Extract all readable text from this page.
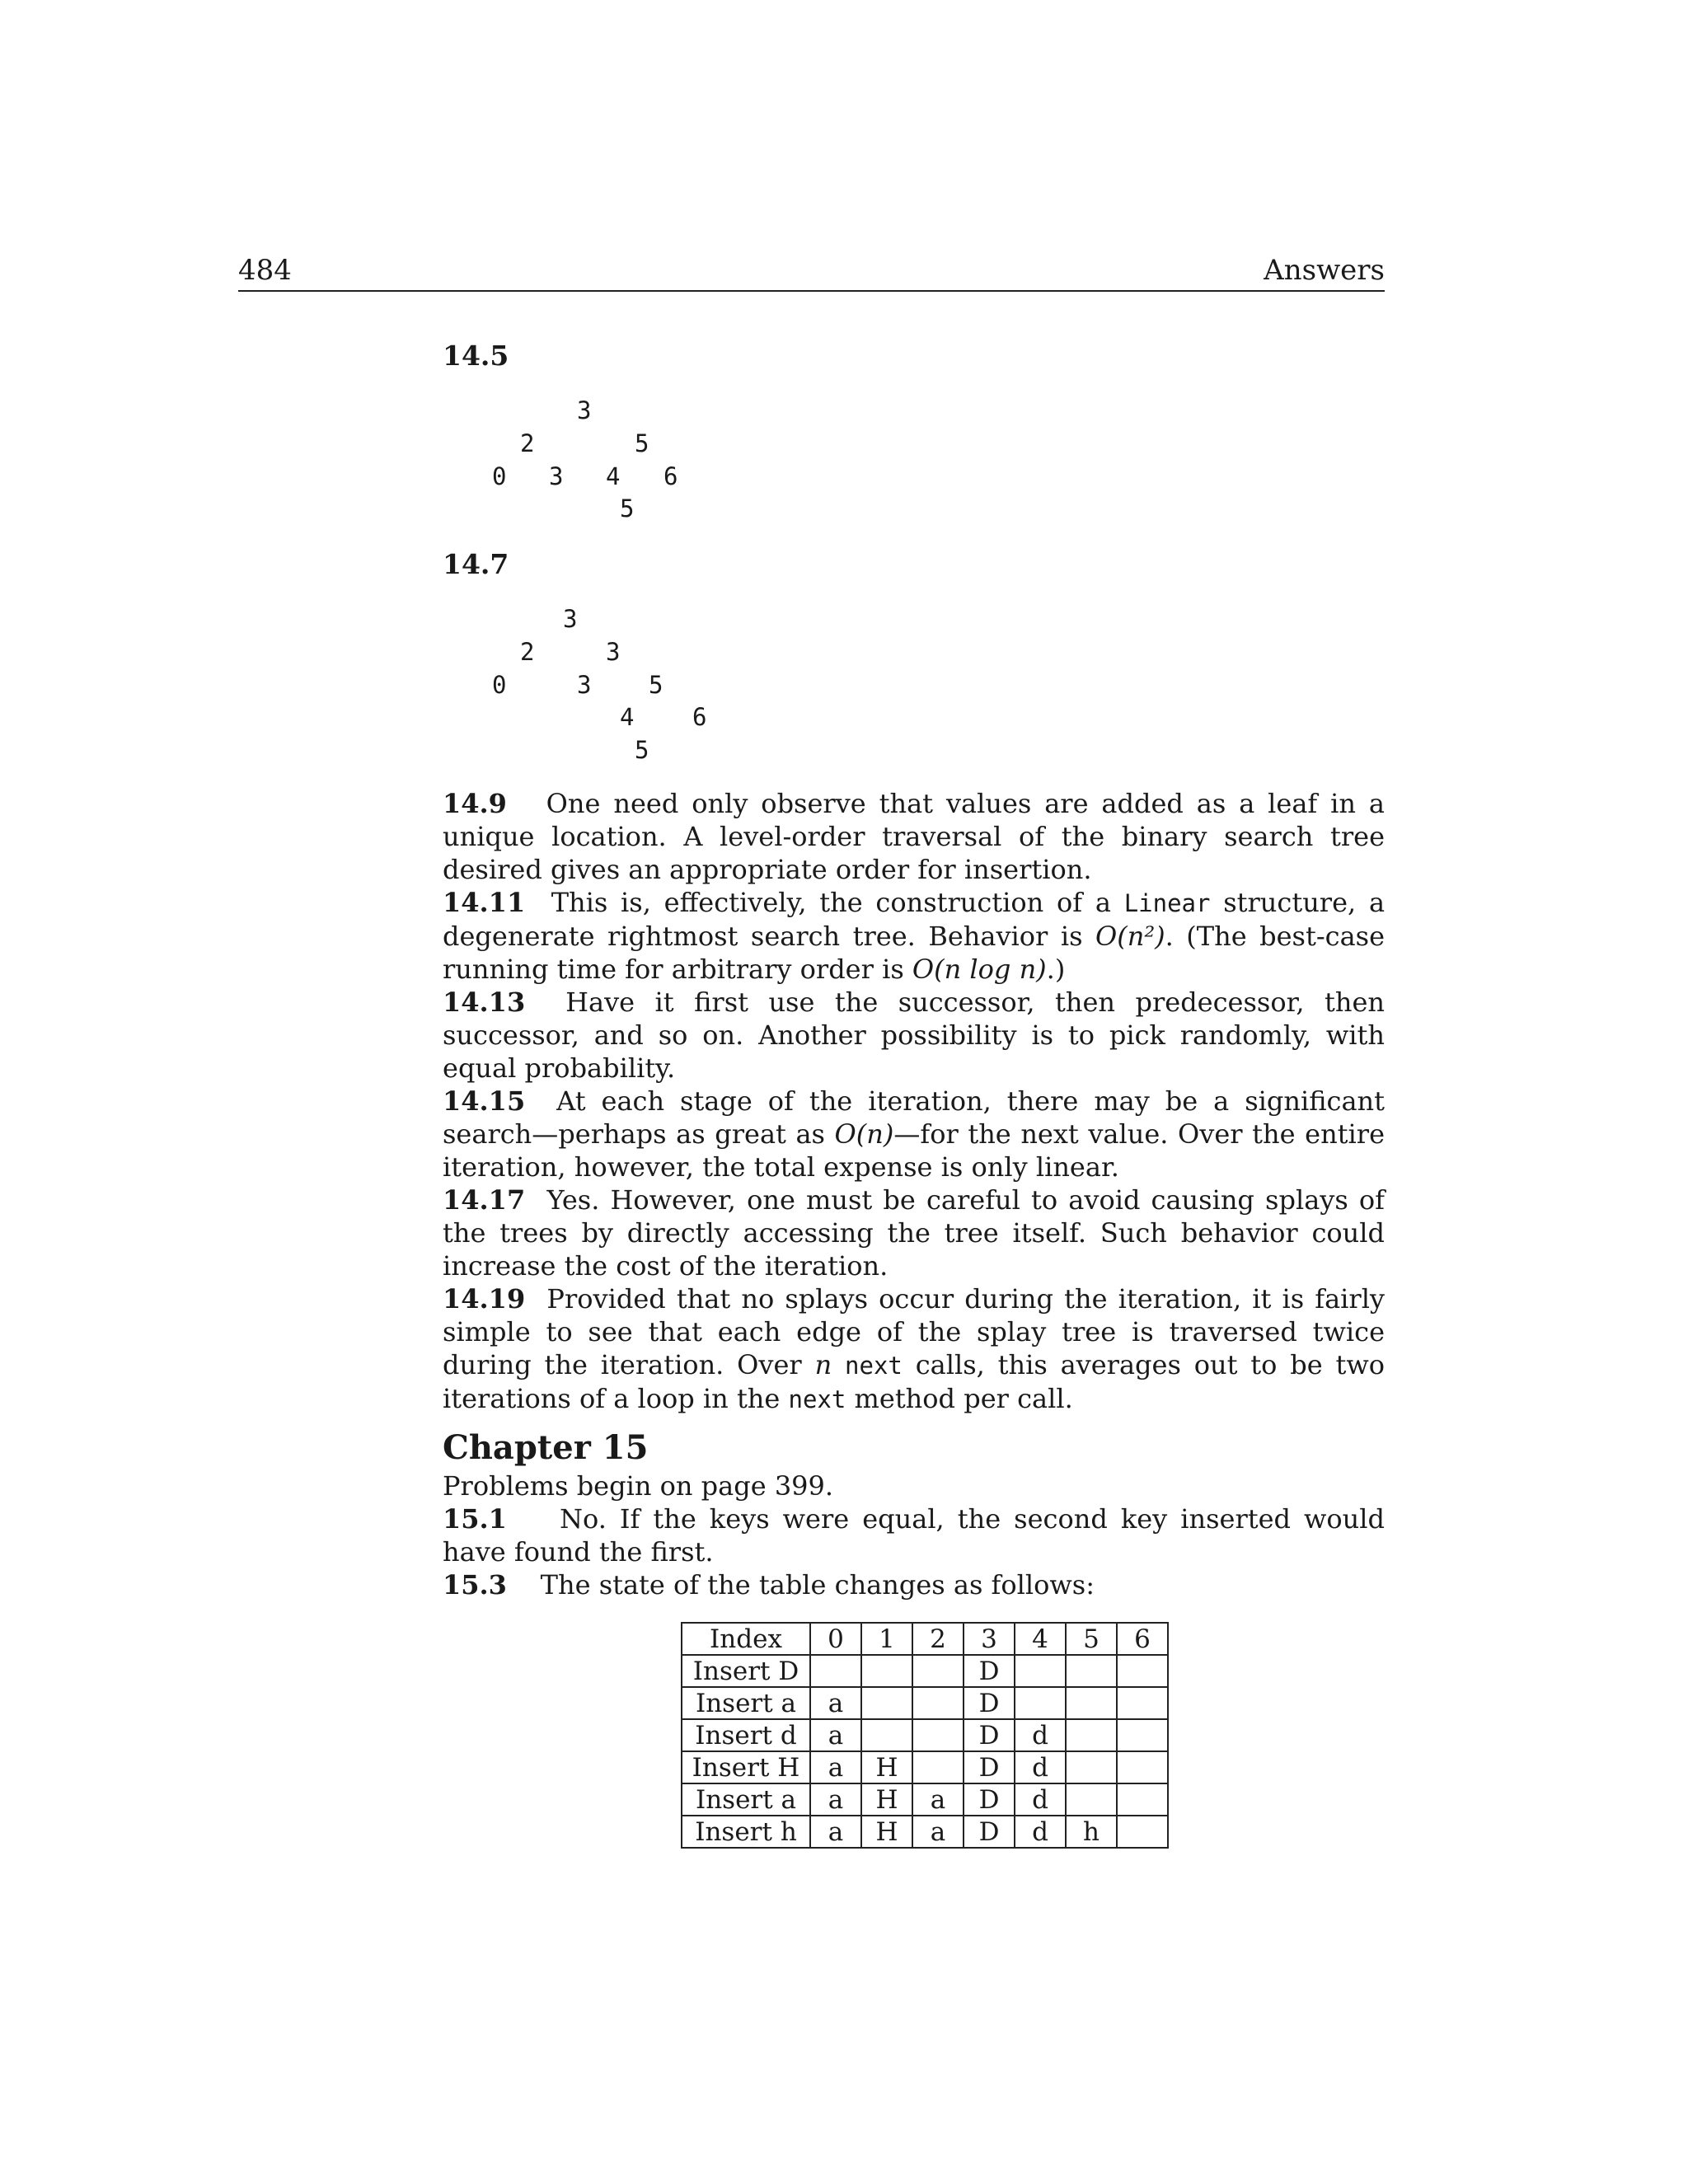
484	Answers
14.5
3
2	5
0 3 4 6
5
14.7
3
2	3
0	3 5
4 6
5

14.9 One need only observe that values are added as a leaf in a unique location. A level-order traversal of the binary search tree desired gives an appropriate order for insertion.

14.11 This is, effectively, the construction of a Linear structure, a degenerate rightmost search tree. Behavior is O(n²). (The best-case running time for arbitrary order is O(n log n).)

14.13 Have it first use the successor, then predecessor, then successor, and so on. Another possibility is to pick randomly, with equal probability.

14.15 At each stage of the iteration, there may be a significant search—perhaps as great as O(n)—for the next value. Over the entire iteration, however, the total expense is only linear.

14.17 Yes. However, one must be careful to avoid causing splays of the trees by directly accessing the tree itself. Such behavior could increase the cost of the iteration.

14.19 Provided that no splays occur during the iteration, it is fairly simple to see that each edge of the splay tree is traversed twice during the iteration. Over n next calls, this averages out to be two iterations of a loop in the next method per call.

Chapter 15

Problems begin on page 399.

15.1 No. If the keys were equal, the second key inserted would have found the first.

15.3 The state of the table changes as follows:

Index	0	1	2	3	4	5	6
Insert D				D			
Insert a	a			D			
Insert d	a			D	d		
Insert H	a	H		D	d		
Insert a	a	H	a	D	d		
Insert h	a	H	a	D	d	h	
